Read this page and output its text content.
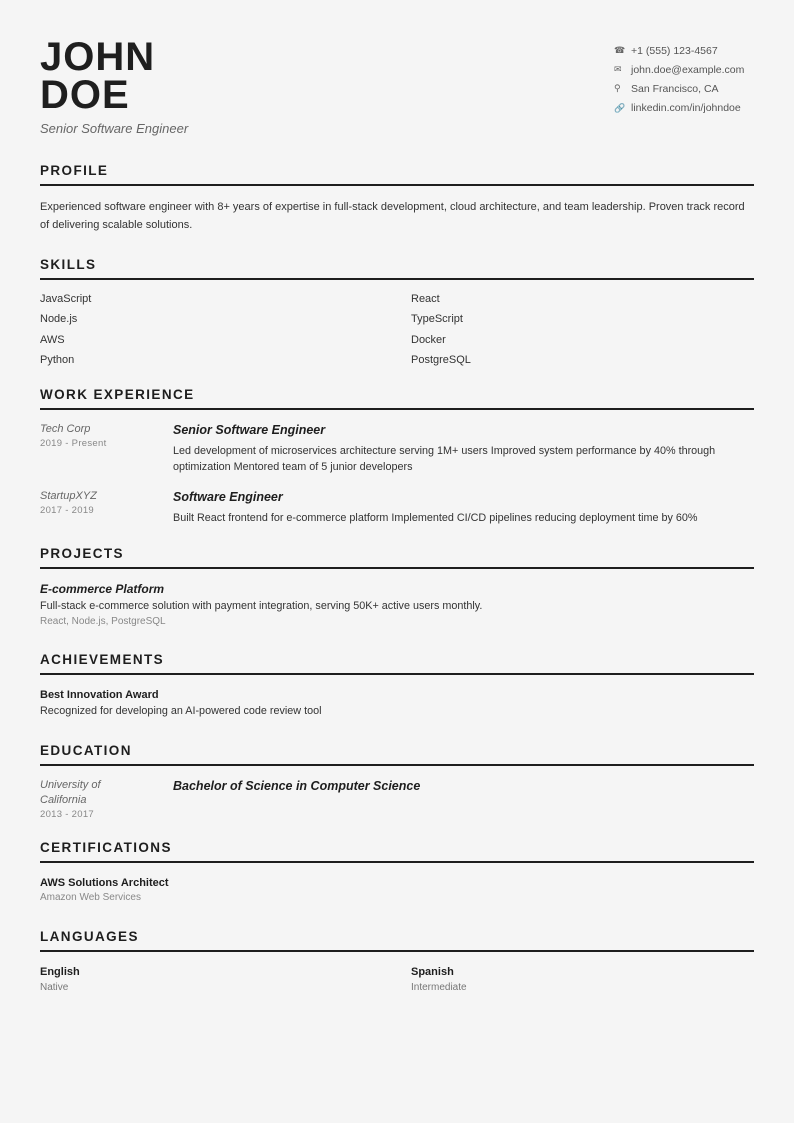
JOHN
DOE
Senior Software Engineer
☎ +1 (555) 123-4567
✉ john.doe@example.com
⚲ San Francisco, CA
🔗 linkedin.com/in/johndoe
PROFILE
Experienced software engineer with 8+ years of expertise in full-stack development, cloud architecture, and team leadership. Proven track record of delivering scalable solutions.
SKILLS
JavaScript	React
Node.js	TypeScript
AWS	Docker
Python	PostgreSQL
WORK EXPERIENCE
Tech Corp
2019 - Present
Senior Software Engineer
Led development of microservices architecture serving 1M+ users Improved system performance by 40% through optimization Mentored team of 5 junior developers
StartupXYZ
2017 - 2019
Software Engineer
Built React frontend for e-commerce platform Implemented CI/CD pipelines reducing deployment time by 60%
PROJECTS
E-commerce Platform
Full-stack e-commerce solution with payment integration, serving 50K+ active users monthly.
React, Node.js, PostgreSQL
ACHIEVEMENTS
Best Innovation Award
Recognized for developing an AI-powered code review tool
EDUCATION
University of California
2013 - 2017
Bachelor of Science in Computer Science
CERTIFICATIONS
AWS Solutions Architect
Amazon Web Services
LANGUAGES
English
Native
Spanish
Intermediate
